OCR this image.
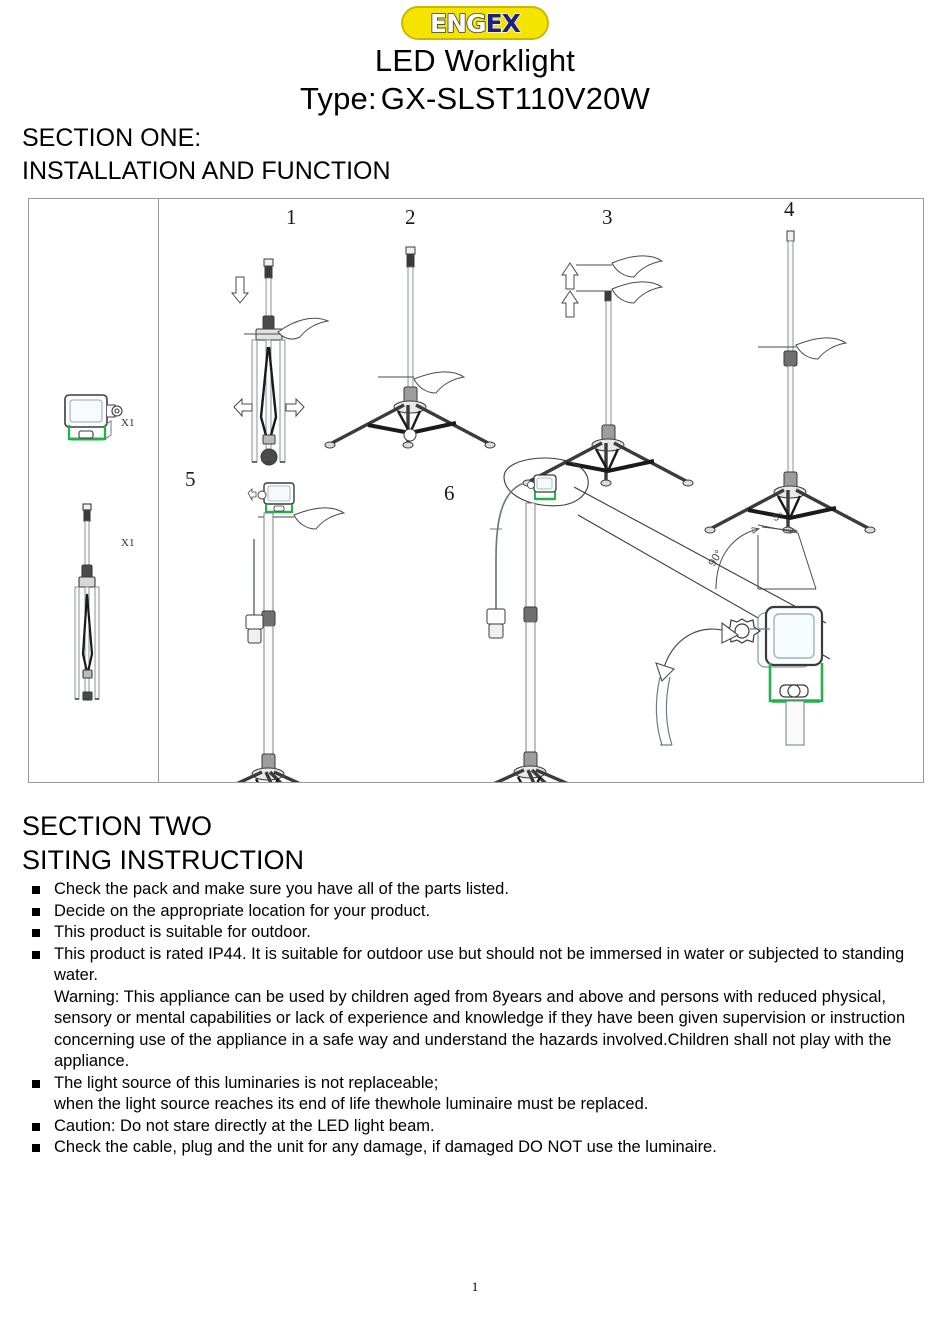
ENGEX
LED Worklight
Type: GX-SLST110V20W
SECTION ONE:
INSTALLATION AND FUNCTION
X1
X1
90°
5°
1	2	3	4
5
6
SECTION TWO
SITING INSTRUCTION
Check the pack and make sure you have all of the parts listed.
Decide on the appropriate location for your product.
This product is suitable for outdoor.
This product is rated IP44. It is suitable for outdoor use but should not be immersed in water or subjected to standing water.
Warning: This appliance can be used by children aged from 8years and above and persons with reduced physical, sensory or mental capabilities or lack of experience and knowledge if they have been given supervision or instruction concerning use of the appliance in a safe way and understand the hazards involved.Children shall not play with the appliance.
The light source of this luminaries is not replaceable;
when the light source reaches its end of life thewhole luminaire must be replaced.
Caution: Do not stare directly at the LED light beam.
Check the cable, plug and the unit for any damage, if damaged DO NOT use the luminaire.
1
